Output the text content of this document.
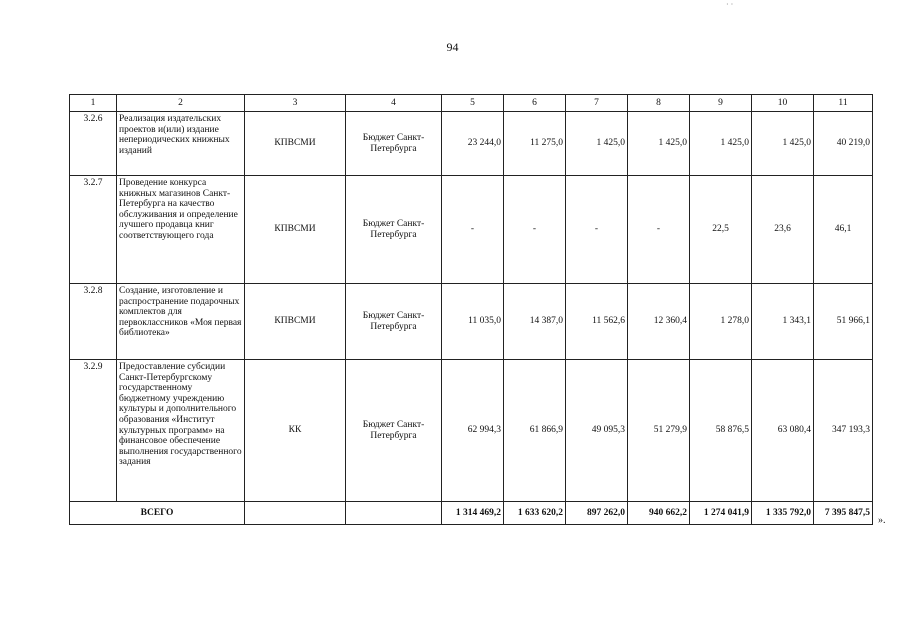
· ·
94
1	2	3	4	5	6	7	8	9	10	11
3.2.6	Реализация издательских проектов и(или) издание непериодических книжных изданий	КПВСМИ	Бюджет Санкт-Петербурга	23 244,0	11 275,0	1 425,0	1 425,0	1 425,0	1 425,0	40 219,0
3.2.7	Проведение конкурса книжных магазинов Санкт-Петербурга на качество обслуживания и определение лучшего продавца книг соответствующего года	КПВСМИ	Бюджет Санкт-Петербурга	-	-	-	-	22,5	23,6	46,1
3.2.8	Создание, изготовление и распространение подарочных комплектов для первоклассников «Моя первая библиотека»	КПВСМИ	Бюджет Санкт-Петербурга	11 035,0	14 387,0	11 562,6	12 360,4	1 278,0	1 343,1	51 966,1
3.2.9	Предоставление субсидии Санкт-Петербургскому государственному бюджетному учреждению культуры и дополнительного образования «Институт культурных программ» на финансовое обеспечение выполнения государственного задания	КК	Бюджет Санкт-Петербурга	62 994,3	61 866,9	49 095,3	51 279,9	58 876,5	63 080,4	347 193,3
ВСЕГО				1 314 469,2	1 633 620,2	897 262,0	940 662,2	1 274 041,9	1 335 792,0	7 395 847,5
».
